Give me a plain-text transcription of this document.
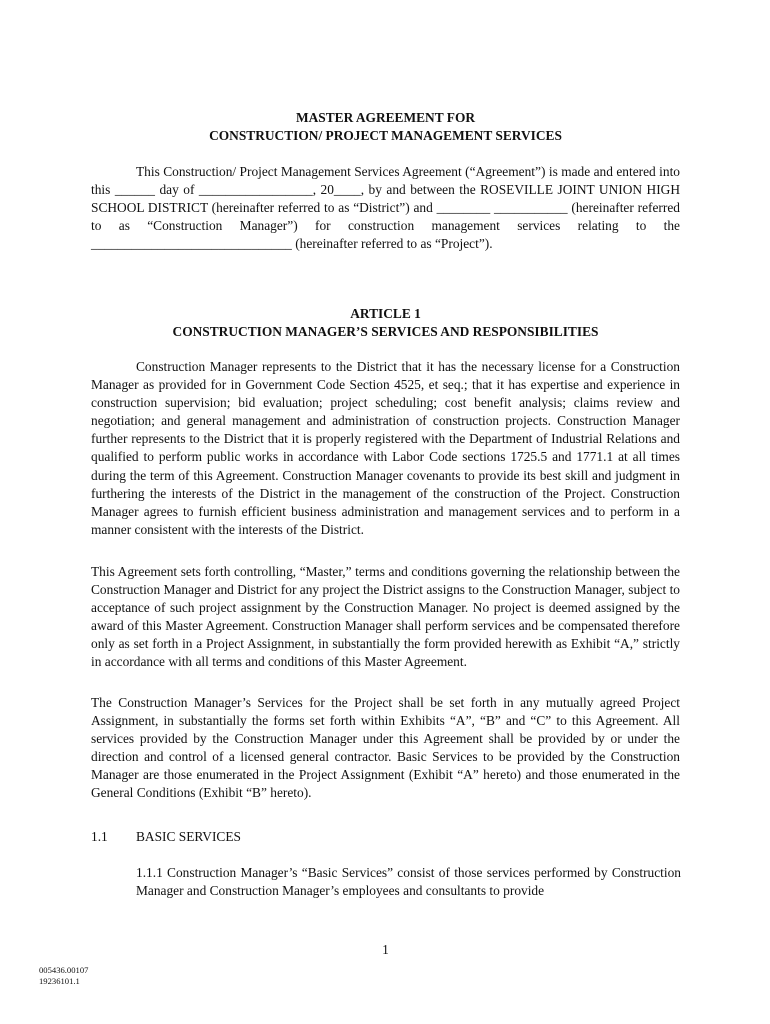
MASTER AGREEMENT FOR
CONSTRUCTION/ PROJECT MANAGEMENT SERVICES
This Construction/ Project Management Services Agreement (“Agreement”) is made and entered into this ______ day of _________________, 20____, by and between the ROSEVILLE JOINT UNION HIGH SCHOOL DISTRICT (hereinafter referred to as “District”) and ________ ___________ (hereinafter referred to as “Construction Manager”) for construction management services relating to the ______________________________ (hereinafter referred to as “Project”).
ARTICLE 1
CONSTRUCTION MANAGER’S SERVICES AND RESPONSIBILITIES
Construction Manager represents to the District that it has the necessary license for a Construction Manager as provided for in Government Code Section 4525, et seq.; that it has expertise and experience in construction supervision; bid evaluation; project scheduling; cost benefit analysis; claims review and negotiation; and general management and administration of construction projects. Construction Manager further represents to the District that it is properly registered with the Department of Industrial Relations and qualified to perform public works in accordance with Labor Code sections 1725.5 and 1771.1 at all times during the term of this Agreement. Construction Manager covenants to provide its best skill and judgment in furthering the interests of the District in the management of the construction of the Project. Construction Manager agrees to furnish efficient business administration and management services and to perform in a manner consistent with the interests of the District.
This Agreement sets forth controlling, “Master,” terms and conditions governing the relationship between the Construction Manager and District for any project the District assigns to the Construction Manager, subject to acceptance of such project assignment by the Construction Manager. No project is deemed assigned by the award of this Master Agreement. Construction Manager shall perform services and be compensated therefore only as set forth in a Project Assignment, in substantially the form provided herewith as Exhibit “A,” strictly in accordance with all terms and conditions of this Master Agreement.
The Construction Manager’s Services for the Project shall be set forth in any mutually agreed Project Assignment, in substantially the forms set forth within Exhibits “A”, “B” and “C” to this Agreement. All services provided by the Construction Manager under this Agreement shall be provided by or under the direction and control of a licensed general contractor. Basic Services to be provided by the Construction Manager are those enumerated in the Project Assignment (Exhibit “A” hereto) and those enumerated in the General Conditions (Exhibit “B” hereto).
1.1 BASIC SERVICES
1.1.1 Construction Manager’s “Basic Services” consist of those services performed by Construction Manager and Construction Manager’s employees and consultants to provide
1
005436.00107
19236101.1
